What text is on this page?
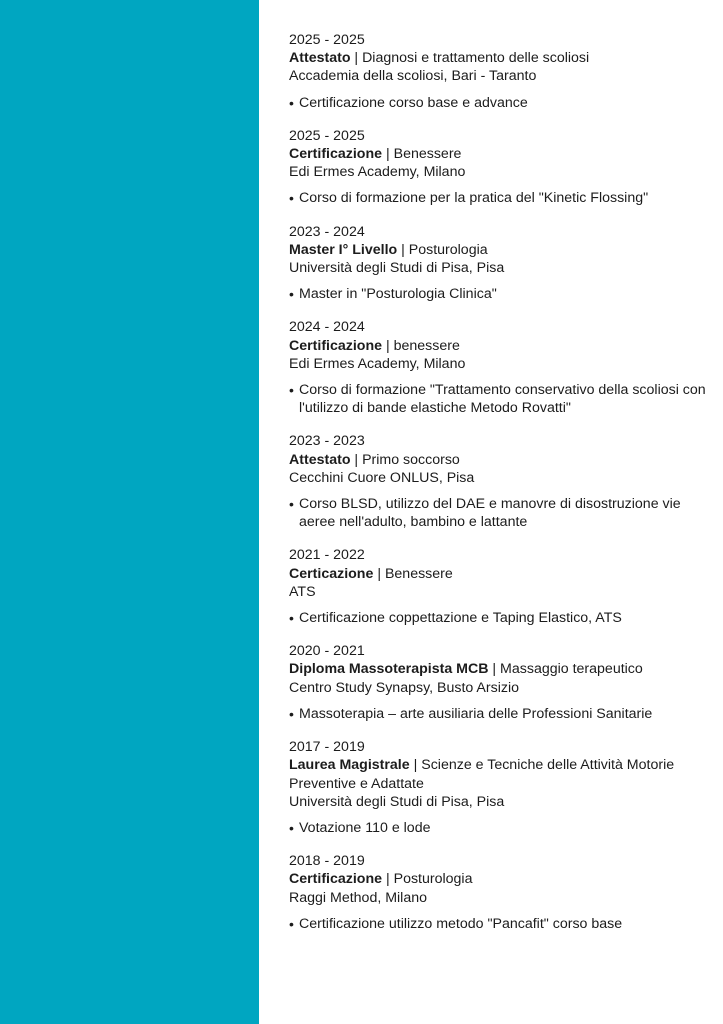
2025 - 2025
Attestato | Diagnosi e trattamento delle scoliosi
Accademia della scoliosi, Bari - Taranto
• Certificazione corso base e advance
2025 - 2025
Certificazione | Benessere
Edi Ermes Academy, Milano
• Corso di formazione per la pratica del "Kinetic Flossing"
2023 - 2024
Master I° Livello | Posturologia
Università degli Studi di Pisa, Pisa
• Master in "Posturologia Clinica"
2024 - 2024
Certificazione | benessere
Edi Ermes Academy, Milano
• Corso di formazione "Trattamento conservativo della scoliosi con l'utilizzo di bande elastiche Metodo Rovatti"
2023 - 2023
Attestato | Primo soccorso
Cecchini Cuore ONLUS, Pisa
• Corso BLSD, utilizzo del DAE e manovre di disostruzione vie aeree nell'adulto, bambino e lattante
2021 - 2022
Certicazione | Benessere
ATS
• Certificazione coppettazione e Taping Elastico, ATS
2020 - 2021
Diploma Massoterapista MCB | Massaggio terapeutico
Centro Study Synapsy, Busto Arsizio
• Massoterapia – arte ausiliaria delle Professioni Sanitarie
2017 - 2019
Laurea Magistrale | Scienze e Tecniche delle Attività Motorie Preventive e Adattate
Università degli Studi di Pisa, Pisa
• Votazione 110 e lode
2018 - 2019
Certificazione | Posturologia
Raggi Method, Milano
• Certificazione utilizzo metodo "Pancafit" corso base
